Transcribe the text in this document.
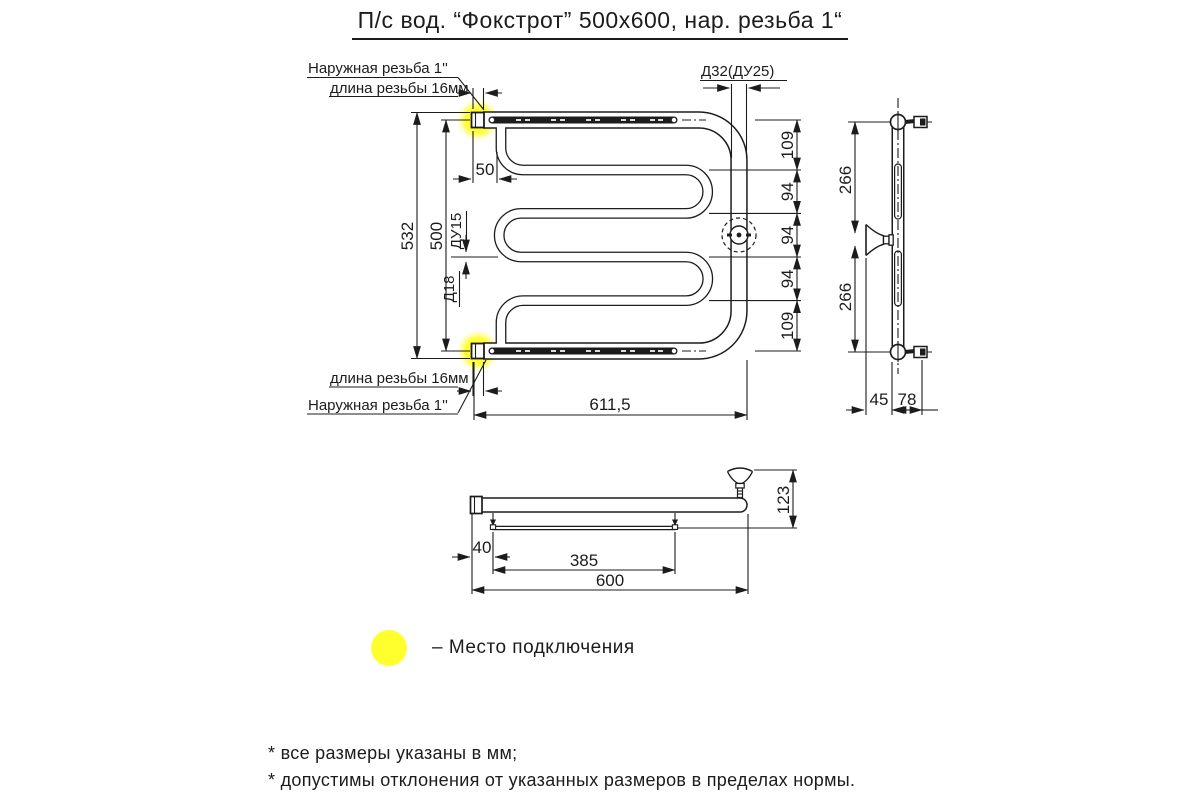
532 500
50
Наружная резьба 1''
длина резьбы 16мм
длина резьбы 16мм
Наружная резьба 1''	611,5
Д32(ДУ25)
ДУ15
Д18
109
94
94
94
109
266
266
45 78
123
40
385
600
П/с вод. “Фокстрот” 500х600, нар. резьба 1“
– Место подключения
* все размеры указаны в мм;
* допустимы отклонения от указанных размеров в пределах нормы.
